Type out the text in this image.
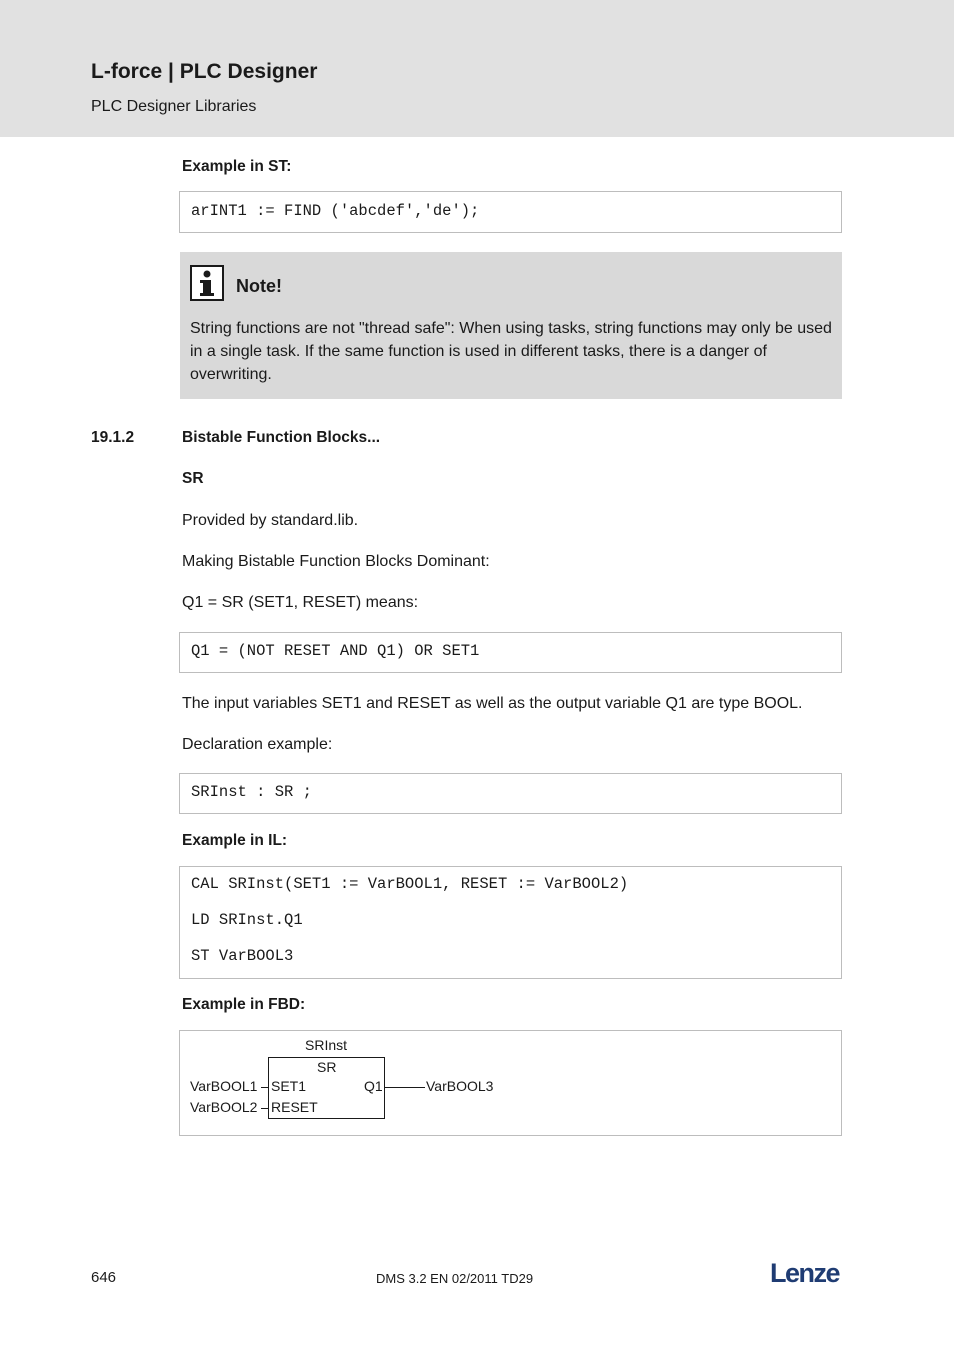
L-force | PLC Designer
PLC Designer Libraries
Example in ST:
arINT1 := FIND ('abcdef','de');
Note!
String functions are not "thread safe": When using tasks, string functions may only be used in a single task. If the same function is used in different tasks, there is a danger of overwriting.
19.1.2	Bistable Function Blocks...
SR
Provided by standard.lib.
Making Bistable Function Blocks Dominant:
Q1 = SR (SET1, RESET) means:
Q1 = (NOT RESET AND Q1) OR SET1
The input variables SET1 and RESET as well as the output variable Q1 are type BOOL.
Declaration example:
SRInst : SR ;
Example in IL:
CAL SRInst(SET1 := VarBOOL1, RESET := VarBOOL2)
LD SRInst.Q1
ST VarBOOL3
Example in FBD:
SRInst
SR
SET1
RESET
Q1
VarBOOL1
VarBOOL2
VarBOOL3
646	DMS 3.2 EN 02/2011 TD29	Lenze
